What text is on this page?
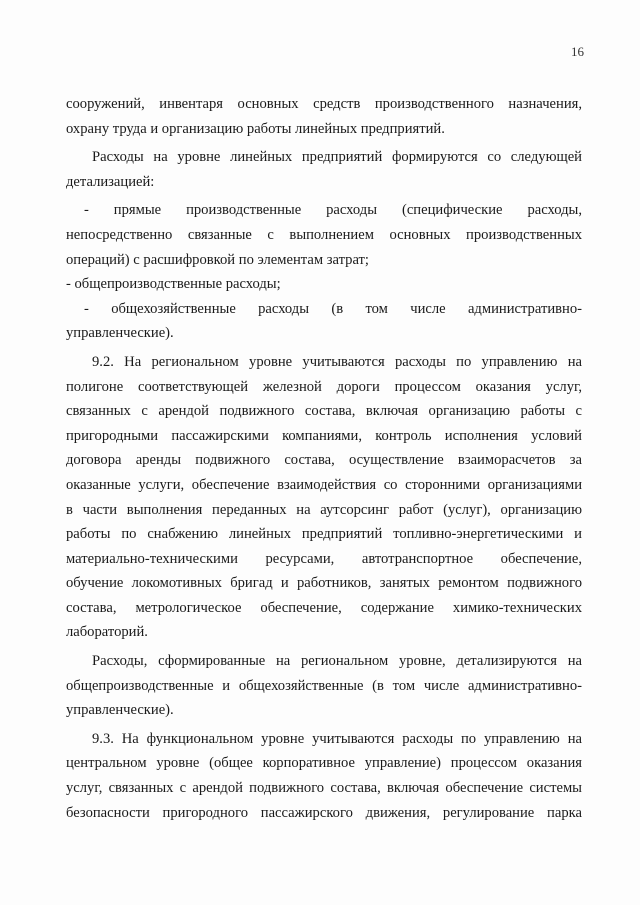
16

сооружений, инвентаря основных средств производственного назначения,
охрану труда и организацию работы линейных предприятий.

Расходы на уровне линейных предприятий формируются со следующей
детализацией:

- прямые производственные расходы (специфические расходы,
непосредственно связанные с выполнением основных производственных
операций) с расшифровкой по элементам затрат;

- общепроизводственные расходы;

- общехозяйственные расходы (в том числе административно-
управленческие).

9.2. На региональном уровне учитываются расходы по управлению на
полигоне соответствующей железной дороги процессом оказания услуг,
связанных с арендой подвижного состава, включая организацию работы с
пригородными пассажирскими компаниями, контроль исполнения условий
договора аренды подвижного состава, осуществление взаиморасчетов за
оказанные услуги, обеспечение взаимодействия со сторонними организациями
в части выполнения переданных на аутсорсинг работ (услуг), организацию
работы по снабжению линейных предприятий топливно-энергетическими и
материально-техническими ресурсами, автотранспортное обеспечение,
обучение локомотивных бригад и работников, занятых ремонтом подвижного
состава, метрологическое обеспечение, содержание химико-технических
лабораторий.

Расходы, сформированные на региональном уровне, детализируются на
общепроизводственные и общехозяйственные (в том числе административно-
управленческие).

9.3. На функциональном уровне учитываются расходы по управлению на
центральном уровне (общее корпоративное управление) процессом оказания
услуг, связанных с арендой подвижного состава, включая обеспечение системы
безопасности пригородного пассажирского движения, регулирование парка
